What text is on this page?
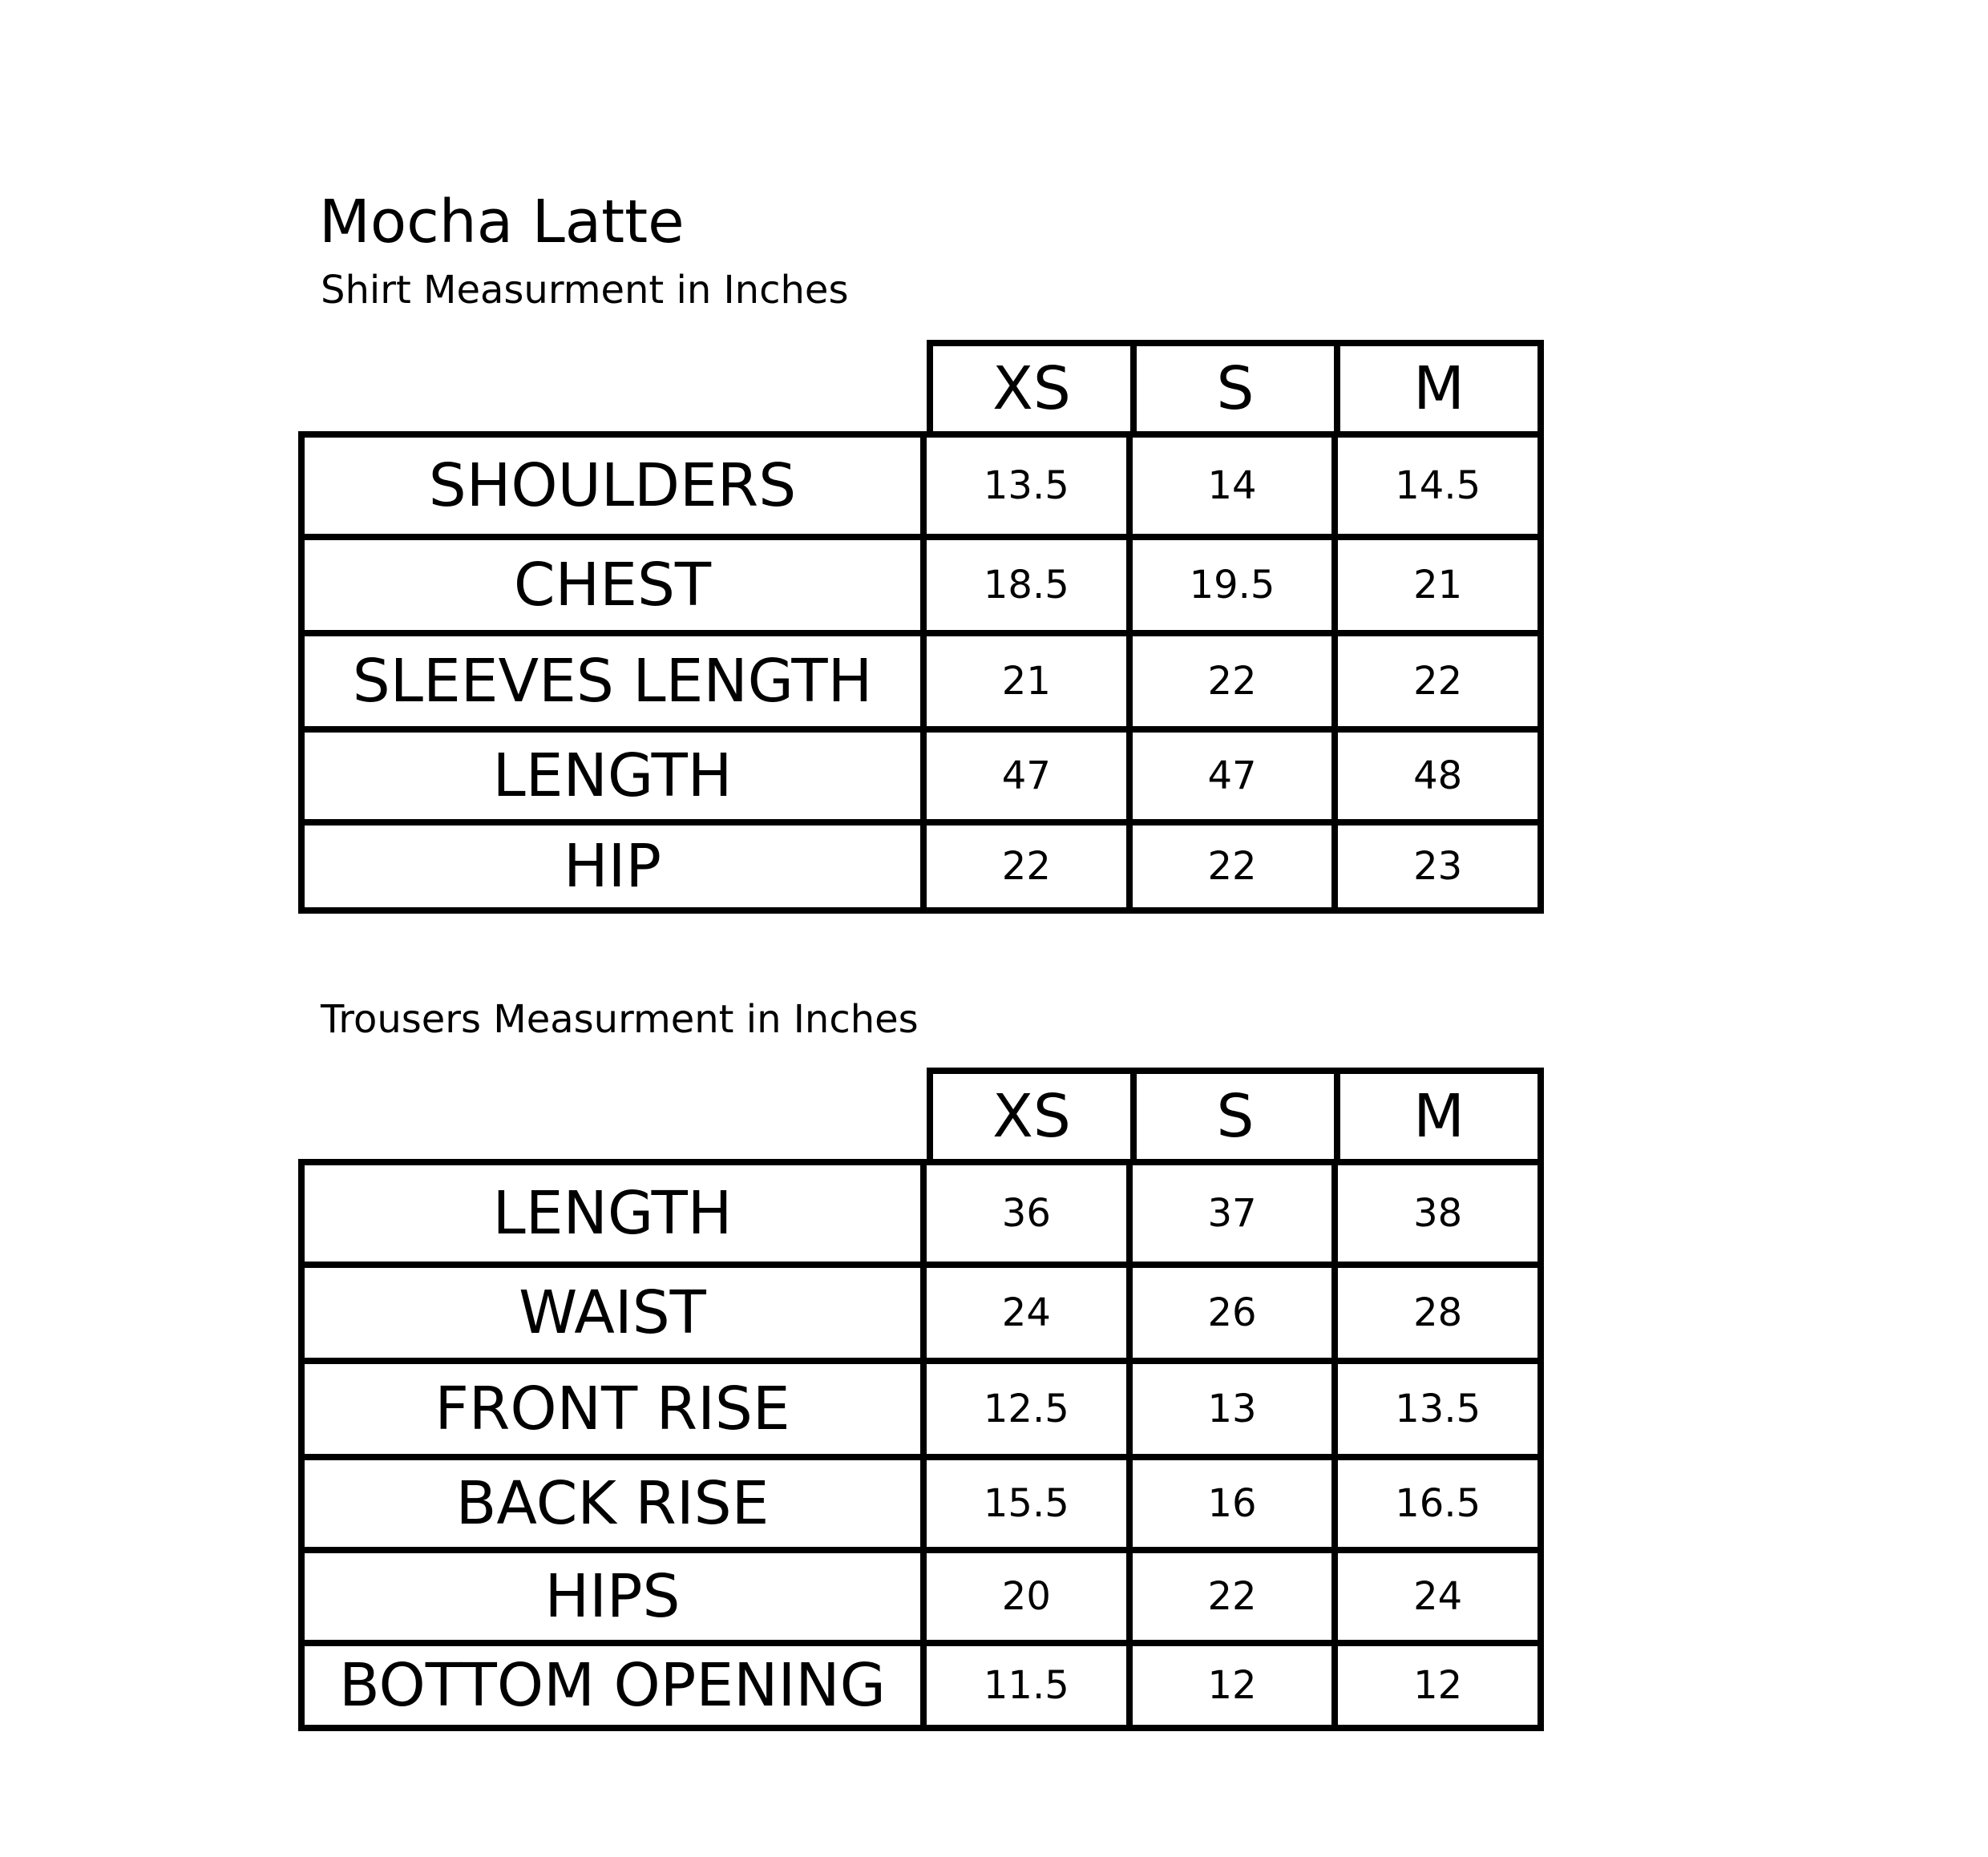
Mocha Latte
Shirt Measurment in Inches
XS	S	M
SHOULDERS	13.5	14	14.5
CHEST	18.5	19.5	21
SLEEVES LENGTH	21	22	22
LENGTH	47	47	48
HIP	22	22	23
Trousers Measurment in Inches
XS	S	M
LENGTH	36	37	38
WAIST	24	26	28
FRONT RISE	12.5	13	13.5
BACK RISE	15.5	16	16.5
HIPS	20	22	24
BOTTOM OPENING	11.5	12	12
